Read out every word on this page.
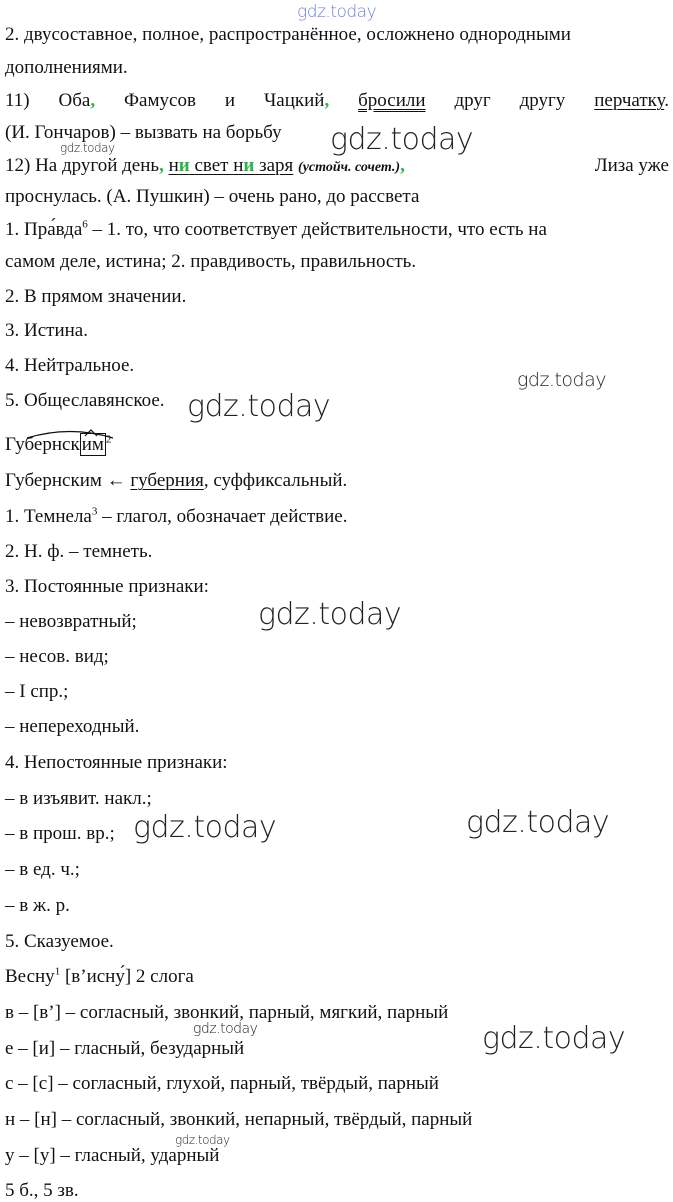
gdz.today
gdz.today	gdz.today
gdz.today
gdz.today
gdz.today
gdz.today	gdz.today
gdz.today	gdz.today
gdz.today
2. двусоставное, полное, распространённое, осложнено однородными
дополнениями.
11) Оба, Фамусов и Чацкий, бросили друг другу перчатку.
(И. Гончаров) – вызвать на борьбу
12) На другой день, ни свет ни заря (устойч. сочет.),	Лиза уже
проснулась. (А. Пушкин) – очень рано, до рассвета
1. Пра́вда$^6$ – 1. то, что соответствует действительности, что есть на
самом деле, истина; 2. правдивость, правильность.
2. В прямом значении.
3. Истина.
4. Нейтральное.
5. Общеславянское.
Губернск им $^2$
Губернским ← губерния, суффиксальный.
1. Темнела$^3$ – глагол, обозначает действие.
2. Н. ф. – темнеть.
3. Постоянные признаки:
– невозвратный;
– несов. вид;
– I спр.;
– непереходный.
4. Непостоянные признаки:
– в изъявит. накл.;
– в прош. вр.;
– в ед. ч.;
– в ж. р.
5. Сказуемое.
Весну$^1$ [в’исну́] 2 слога
в – [в’] – согласный, звонкий, парный, мягкий, парный
е – [и] – гласный, безударный
с – [с] – согласный, глухой, парный, твёрдый, парный
н – [н] – согласный, звонкий, непарный, твёрдый, парный
у – [у] – гласный, ударный
5 б., 5 зв.
